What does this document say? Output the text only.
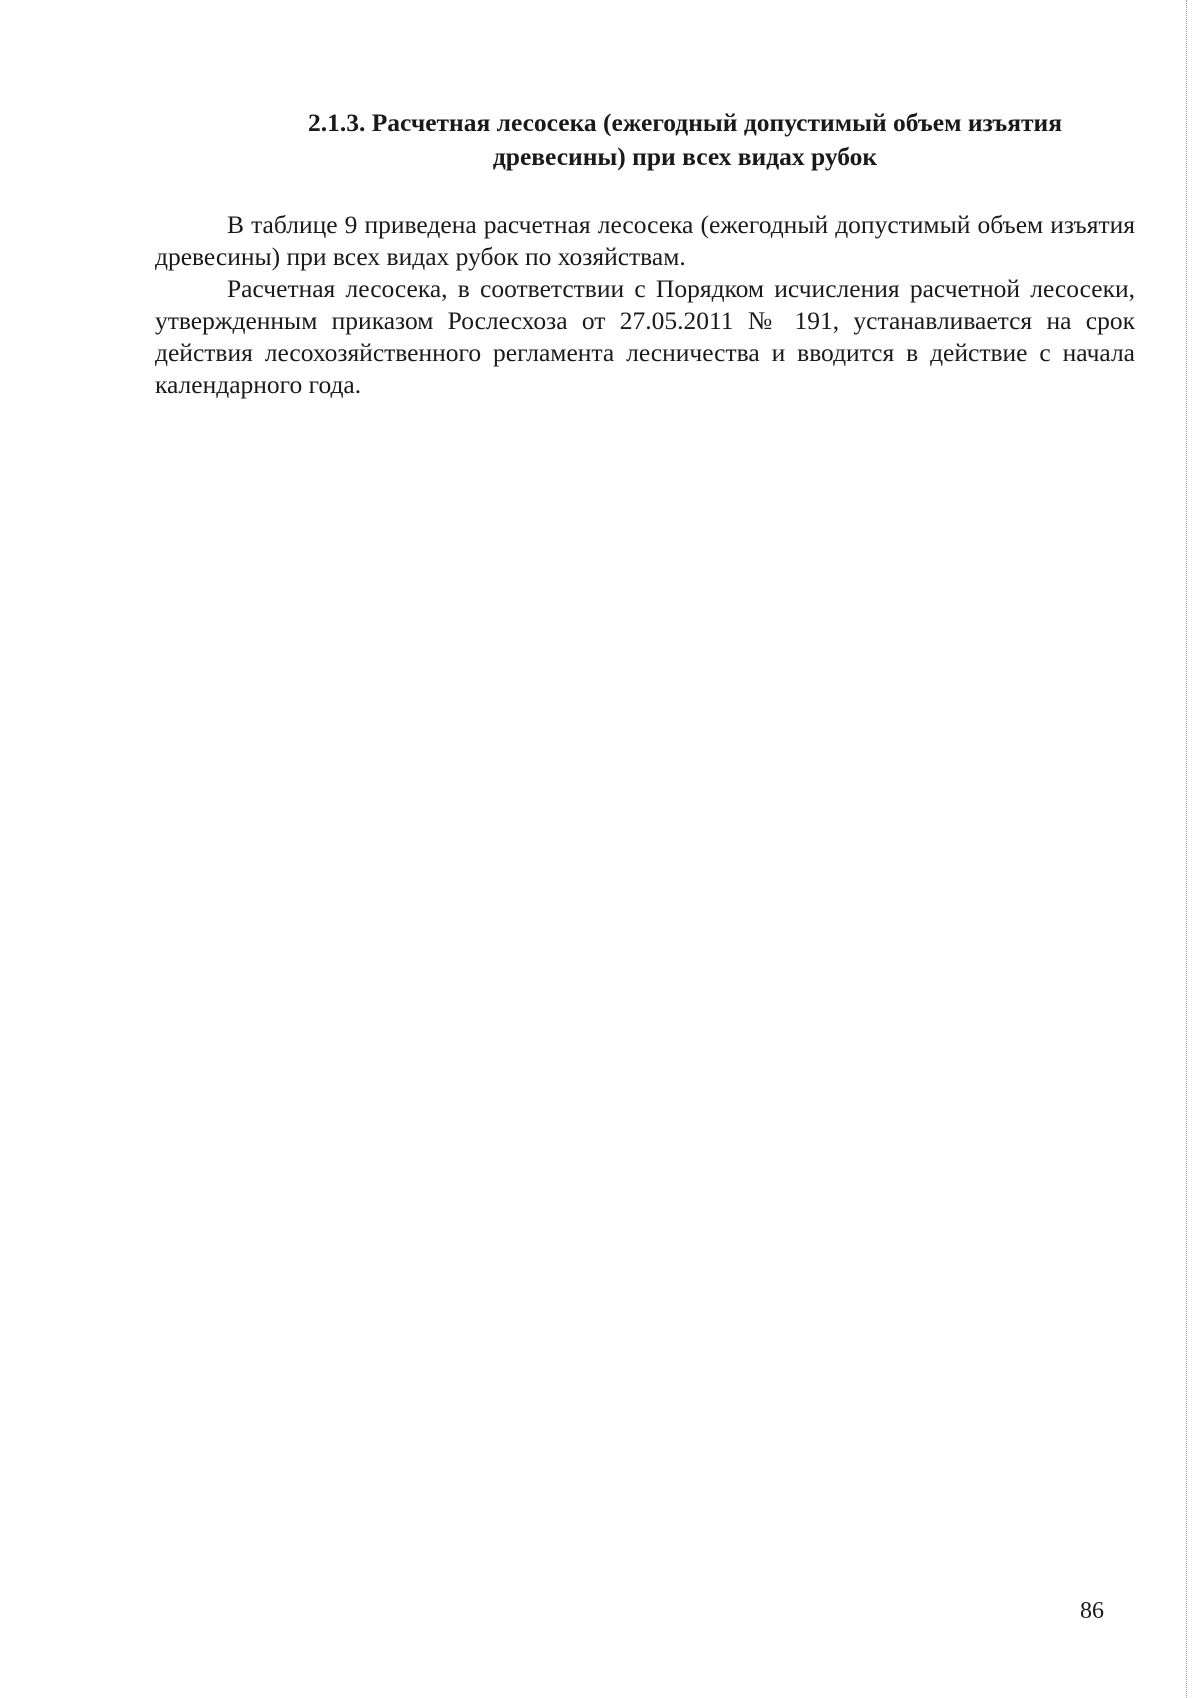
2.1.3. Расчетная лесосека (ежегодный допустимый объем изъятия
древесины) при всех видах рубок

В таблице 9 приведена расчетная лесосека (ежегодный допустимый объем изъятия древесины) при всех видах рубок по хозяйствам.

Расчетная лесосека, в соответствии с Порядком исчисления расчетной лесосеки, утвержденным приказом Рослесхоза от 27.05.2011 № 191, устанавливается на срок действия лесохозяйственного регламента лесничества и вводится в действие с начала календарного года.

86
